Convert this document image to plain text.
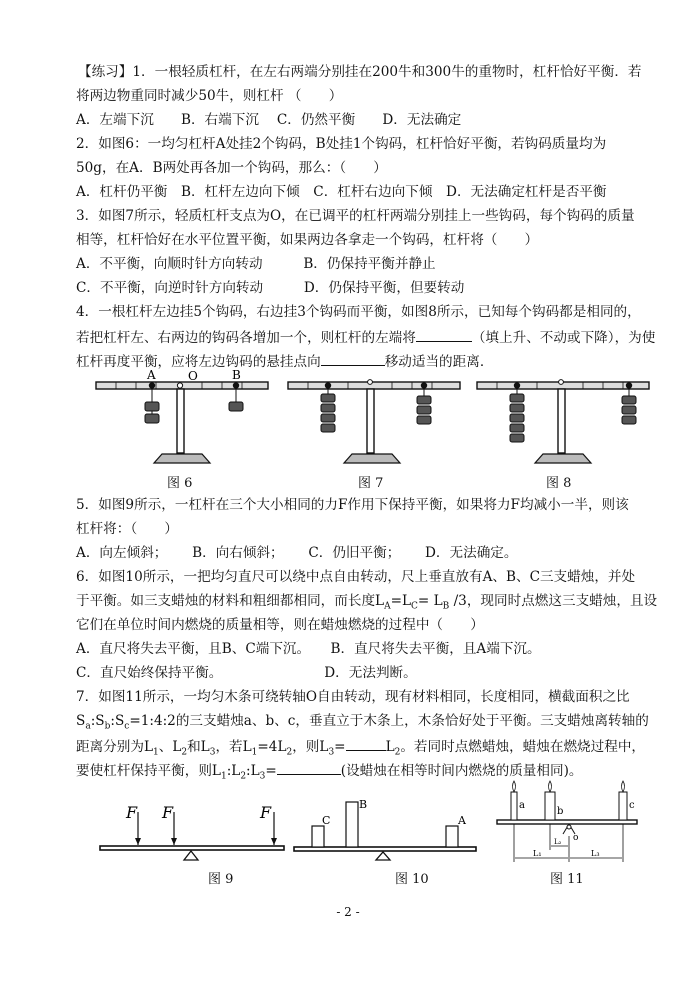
【练习】1．一根轻质杠杆，在左右两端分别挂在200牛和300牛的重物时，杠杆恰好平衡．若
将两边物重同时减少50牛，则杠杆 （　　）
A．左端下沉　　B．右端下沉　 C．仍然平衡　　D．无法确定
2．如图6：一均匀杠杆A处挂2个钩码，B处挂1个钩码，杠杆恰好平衡，若钩码质量均为
50g，在A．B两处再各加一个钩码，那么：（　　）
A．杠杆仍平衡　B．杠杆左边向下倾　C．杠杆右边向下倾　D．无法确定杠杆是否平衡
3．如图7所示，轻质杠杆支点为O，在已调平的杠杆两端分别挂上一些钩码，每个钩码的质量
相等，杠杆恰好在水平位置平衡，如果两边各拿走一个钩码，杠杆将（　　）
A．不平衡，向顺时针方向转动　　　B．仍保持平衡并静止
C．不平衡，向逆时针方向转动　　　D．仍保持平衡，但要转动
4．一根杠杆左边挂5个钩码，右边挂3个钩码而平衡，如图8所示，已知每个钩码都是相同的，
若把杠杆左、右两边的钩码各增加一个，则杠杆的左端将	（填上升、不动或下降），为使
杠杆再度平衡，应将左边钩码的悬挂点向	移动适当的距离．
A	O	B
图 6	图 7	图 8
5．如图9所示，一杠杆在三个大小相同的力F作用下保持平衡，如果将力F均减小一半，则该
杠杆将：（　　）
A．向左倾斜；　　 B．向右倾斜；　　 C．仍旧平衡；　　 D．无法确定。
6．如图10所示，一把均匀直尺可以绕中点自由转动，尺上垂直放有A、B、C三支蜡烛，并处
于平衡。如三支蜡烛的材料和粗细都相同，而长度$L_A=L_C= L_B$ /3，现同时点燃这三支蜡烛，且设
它们在单位时间内燃烧的质量相等，则在蜡烛燃烧的过程中（　　）
A．直尺将失去平衡，且B、C端下沉。　　B．直尺将失去平衡，且A端下沉。
C．直尺始终保持平衡。　　　　　　　　D．无法判断。
7．如图11所示，一均匀木条可绕转轴O自由转动，现有材料相同，长度相同，横截面积之比
$S_a:S_b:S_c=1:4:2$的三支蜡烛a、b、c，垂直立于木条上，木条恰好处于平衡。三支蜡烛离转轴的
距离分别为$L_1$、$L_2$和$L_3$，若$L_1=4L_2$，则$L_3=$	$L_2$。若同时点燃蜡烛，蜡烛在燃烧过程中，
要使杠杆保持平衡，则$L_1:L_2:L_3=$	(设蜡烛在相等时间内燃烧的质量相同)。
F F	F	C
B
A
a
b
c
o
L₁
L₂
L₃
图 9	图 10	图 11
- 2 -
